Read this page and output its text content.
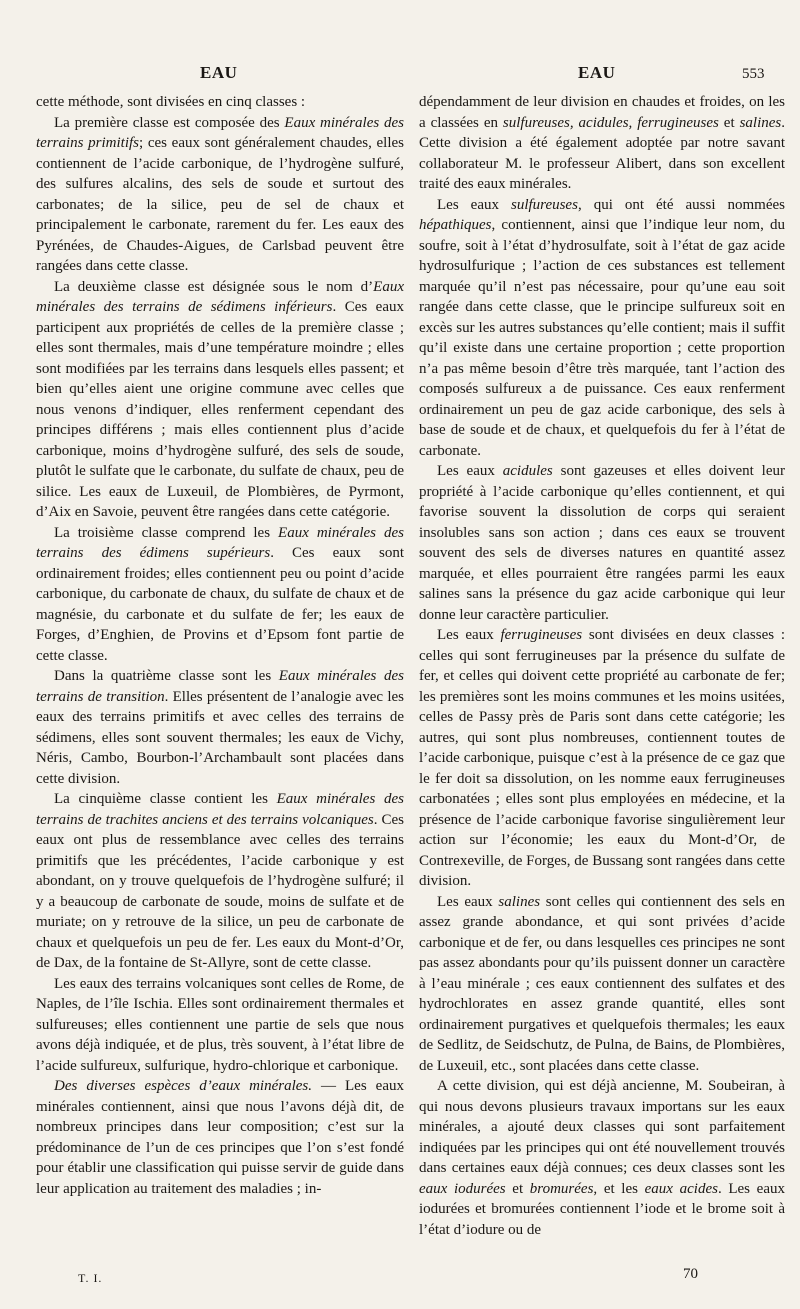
EAU	EAU	553

cette méthode, sont divisées en cinq classes :

La première classe est composée des Eaux minérales des terrains primitifs; ces eaux sont généralement chaudes, elles contiennent de l’acide carbonique, de l’hydrogène sulfuré, des sulfures alcalins, des sels de soude et surtout des carbonates; de la silice, peu de sel de chaux et principalement le carbonate, rarement du fer. Les eaux des Pyrénées, de Chaudes-Aigues, de Carlsbad peuvent être rangées dans cette classe.

La deuxième classe est désignée sous le nom d’Eaux minérales des terrains de sédimens inférieurs. Ces eaux participent aux propriétés de celles de la première classe ; elles sont thermales, mais d’une température moindre ; elles sont modifiées par les terrains dans lesquels elles passent; et bien qu’elles aient une origine commune avec celles que nous venons d’indiquer, elles renferment cependant des principes différens ; mais elles contiennent plus d’acide carbonique, moins d’hydrogène sulfuré, des sels de soude, plutôt le sulfate que le carbonate, du sulfate de chaux, peu de silice. Les eaux de Luxeuil, de Plombières, de Pyrmont, d’Aix en Savoie, peuvent être rangées dans cette catégorie.

La troisième classe comprend les Eaux minérales des terrains des édimens supérieurs. Ces eaux sont ordinairement froides; elles contiennent peu ou point d’acide carbonique, du carbonate de chaux, du sulfate de chaux et de magnésie, du carbonate et du sulfate de fer; les eaux de Forges, d’Enghien, de Provins et d’Epsom font partie de cette classe.

Dans la quatrième classe sont les Eaux minérales des terrains de transition. Elles présentent de l’analogie avec les eaux des terrains primitifs et avec celles des terrains de sédimens, elles sont souvent thermales; les eaux de Vichy, Néris, Cambo, Bourbon-l’Archambault sont placées dans cette division.

La cinquième classe contient les Eaux minérales des terrains de trachites anciens et des terrains volcaniques. Ces eaux ont plus de ressemblance avec celles des terrains primitifs que les précédentes, l’acide carbonique y est abondant, on y trouve quelquefois de l’hydrogène sulfuré; il y a beaucoup de carbonate de soude, moins de sulfate et de muriate; on y retrouve de la silice, un peu de carbonate de chaux et quelquefois un peu de fer. Les eaux du Mont-d’Or, de Dax, de la fontaine de St-Allyre, sont de cette classe.

Les eaux des terrains volcaniques sont celles de Rome, de Naples, de l’île Ischia. Elles sont ordinairement thermales et sulfureuses; elles contiennent une partie de sels que nous avons déjà indiquée, et de plus, très souvent, à l’état libre de l’acide sulfureux, sulfurique, hydro-chlorique et carbonique.

Des diverses espèces d’eaux minérales. — Les eaux minérales contiennent, ainsi que nous l’avons déjà dit, de nombreux principes dans leur composition; c’est sur la prédominance de l’un de ces principes que l’on s’est fondé pour établir une classification qui puisse servir de guide dans leur application au traitement des maladies ; in-

dépendamment de leur division en chaudes et froides, on les a classées en sulfureuses, acidules, ferrugineuses et salines. Cette division a été également adoptée par notre savant collaborateur M. le professeur Alibert, dans son excellent traité des eaux minérales.

Les eaux sulfureuses, qui ont été aussi nommées hépathiques, contiennent, ainsi que l’indique leur nom, du soufre, soit à l’état d’hydrosulfate, soit à l’état de gaz acide hydrosulfurique ; l’action de ces substances est tellement marquée qu’il n’est pas nécessaire, pour qu’une eau soit rangée dans cette classe, que le principe sulfureux soit en excès sur les autres substances qu’elle contient; mais il suffit qu’il existe dans une certaine proportion ; cette proportion n’a pas même besoin d’être très marquée, tant l’action des composés sulfureux a de puissance. Ces eaux renferment ordinairement un peu de gaz acide carbonique, des sels à base de soude et de chaux, et quelquefois du fer à l’état de carbonate.

Les eaux acidules sont gazeuses et elles doivent leur propriété à l’acide carbonique qu’elles contiennent, et qui favorise souvent la dissolution de corps qui seraient insolubles sans son action ; dans ces eaux se trouvent souvent des sels de diverses natures en quantité assez marquée, et elles pourraient être rangées parmi les eaux salines sans la présence du gaz acide carbonique qui leur donne leur caractère particulier.

Les eaux ferrugineuses sont divisées en deux classes : celles qui sont ferrugineuses par la présence du sulfate de fer, et celles qui doivent cette propriété au carbonate de fer; les premières sont les moins communes et les moins usitées, celles de Passy près de Paris sont dans cette catégorie; les autres, qui sont plus nombreuses, contiennent toutes de l’acide carbonique, puisque c’est à la présence de ce gaz que le fer doit sa dissolution, on les nomme eaux ferrugineuses carbonatées ; elles sont plus employées en médecine, et la présence de l’acide carbonique favorise singulièrement leur action sur l’économie; les eaux du Mont-d’Or, de Contrexeville, de Forges, de Bussang sont rangées dans cette division.

Les eaux salines sont celles qui contiennent des sels en assez grande abondance, et qui sont privées d’acide carbonique et de fer, ou dans lesquelles ces principes ne sont pas assez abondants pour qu’ils puissent donner un caractère à l’eau minérale ; ces eaux contiennent des sulfates et des hydrochlorates en assez grande quantité, elles sont ordinairement purgatives et quelquefois thermales; les eaux de Sedlitz, de Seidschutz, de Pulna, de Bains, de Plombières, de Luxeuil, etc., sont placées dans cette classe.

A cette division, qui est déjà ancienne, M. Soubeiran, à qui nous devons plusieurs travaux importans sur les eaux minérales, a ajouté deux classes qui sont parfaitement indiquées par les principes qui ont été nouvellement trouvés dans certaines eaux déjà connues; ces deux classes sont les eaux iodurées et bromurées, et les eaux acides. Les eaux iodurées et bromurées contiennent l’iode et le brome soit à l’état d’iodure ou de

T. I.	70
